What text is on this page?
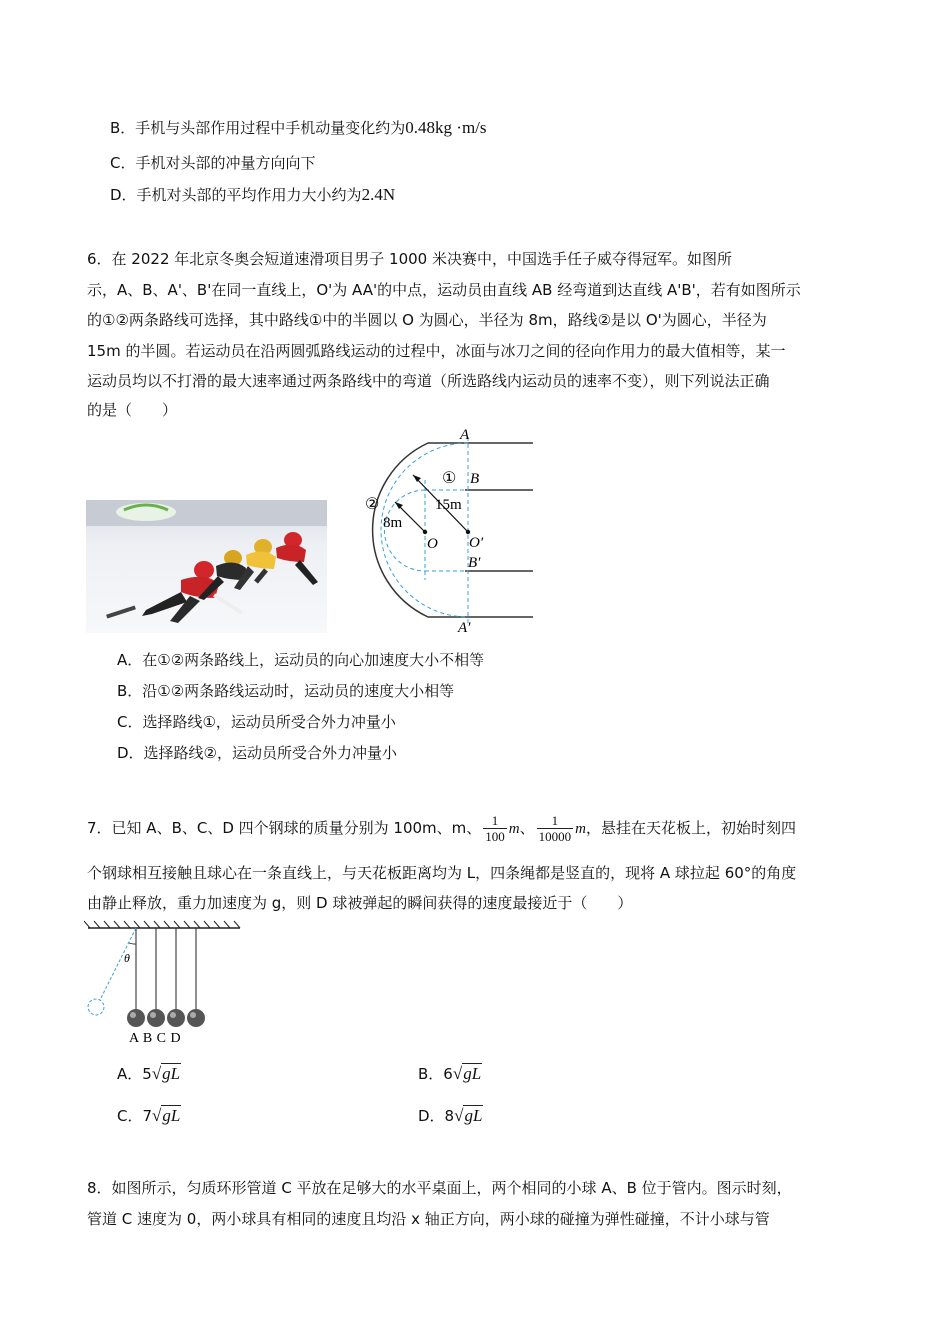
B．手机与头部作用过程中手机动量变化约为0.48kg ·m/s
C．手机对头部的冲量方向向下
D．手机对头部的平均作用力大小约为2.4N
6．在 2022 年北京冬奥会短道速滑项目男子 1000 米决赛中，中国选手任子威夺得冠军。如图所
示，A、B、A'、B'在同一直线上，O'为 AA'的中点，运动员由直线 AB 经弯道到达直线 A'B'，若有如图所示
的①②两条路线可选择，其中路线①中的半圆以 O 为圆心，半径为 8m，路线②是以 O'为圆心，半径为
15m 的半圆。若运动员在沿两圆弧路线运动的过程中，冰面与冰刀之间的径向作用力的最大值相等，某一
运动员均以不打滑的最大速率通过两条路线中的弯道（所选路线内运动员的速率不变），则下列说法正确
的是（　　）
A
B
①
②	15m
8m
O O′
B′
A′
A．在①②两条路线上，运动员的向心加速度大小不相等
B．沿①②两条路线运动时，运动员的速度大小相等
C．选择路线①，运动员所受合外力冲量小
D．选择路线②，运动员所受合外力冲量小
7．已知 A、B、C、D 四个钢球的质量分别为 100m、m、 $\frac{1}{100}$ m、 $\frac{1}{10000}$ m，悬挂在天花板上，初始时刻四
个钢球相互接触且球心在一条直线上，与天花板距离均为 L，四条绳都是竖直的，现将 A 球拉起 60°的角度
由静止释放，重力加速度为 g，则 D 球被弹起的瞬间获得的速度最接近于（　　）
θ
A B C D
A．5√gL	B．6√gL
C．7√gL	D．8√gL
8．如图所示，匀质环形管道 C 平放在足够大的水平桌面上，两个相同的小球 A、B 位于管内。图示时刻，
管道 C 速度为 0，两小球具有相同的速度且均沿 x 轴正方向，两小球的碰撞为弹性碰撞，不计小球与管
